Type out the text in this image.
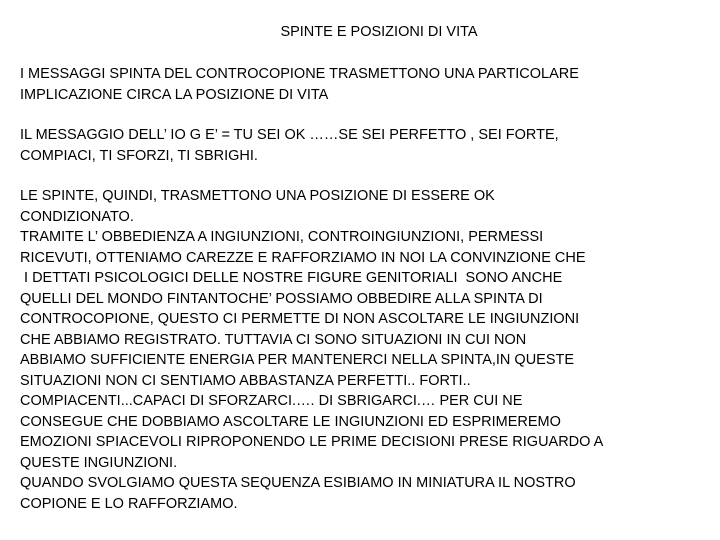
SPINTE E POSIZIONI DI VITA
I MESSAGGI SPINTA DEL CONTROCOPIONE TRASMETTONO UNA PARTICOLARE
IMPLICAZIONE CIRCA LA POSIZIONE DI VITA
IL MESSAGGIO DELL’ IO G E’ = TU SEI OK ……SE SEI PERFETTO , SEI FORTE,
COMPIACI, TI SFORZI, TI SBRIGHI.
LE SPINTE, QUINDI, TRASMETTONO UNA POSIZIONE DI ESSERE OK
CONDIZIONATO.
TRAMITE L’ OBBEDIENZA A INGIUNZIONI, CONTROINGIUNZIONI, PERMESSI
RICEVUTI, OTTENIAMO CAREZZE E RAFFORZIAMO IN NOI LA CONVINZIONE CHE
I DETTATI PSICOLOGICI DELLE NOSTRE FIGURE GENITORIALI  SONO ANCHE
QUELLI DEL MONDO FINTANTOCHE’ POSSIAMO OBBEDIRE ALLA SPINTA DI
CONTROCOPIONE, QUESTO CI PERMETTE DI NON ASCOLTARE LE INGIUNZIONI
CHE ABBIAMO REGISTRATO. TUTTAVIA CI SONO SITUAZIONI IN CUI NON
ABBIAMO SUFFICIENTE ENERGIA PER MANTENERCI NELLA SPINTA,IN QUESTE
SITUAZIONI NON CI SENTIAMO ABBASTANZA PERFETTI.. FORTI..
COMPIACENTI...CAPACI DI SFORZARCI.…. DI SBRIGARCI.… PER CUI NE
CONSEGUE CHE DOBBIAMO ASCOLTARE LE INGIUNZIONI ED ESPRIMEREMO
EMOZIONI SPIACEVOLI RIPROPONENDO LE PRIME DECISIONI PRESE RIGUARDO A
QUESTE INGIUNZIONI.
QUANDO SVOLGIAMO QUESTA SEQUENZA ESIBIAMO IN MINIATURA IL NOSTRO
COPIONE E LO RAFFORZIAMO.
